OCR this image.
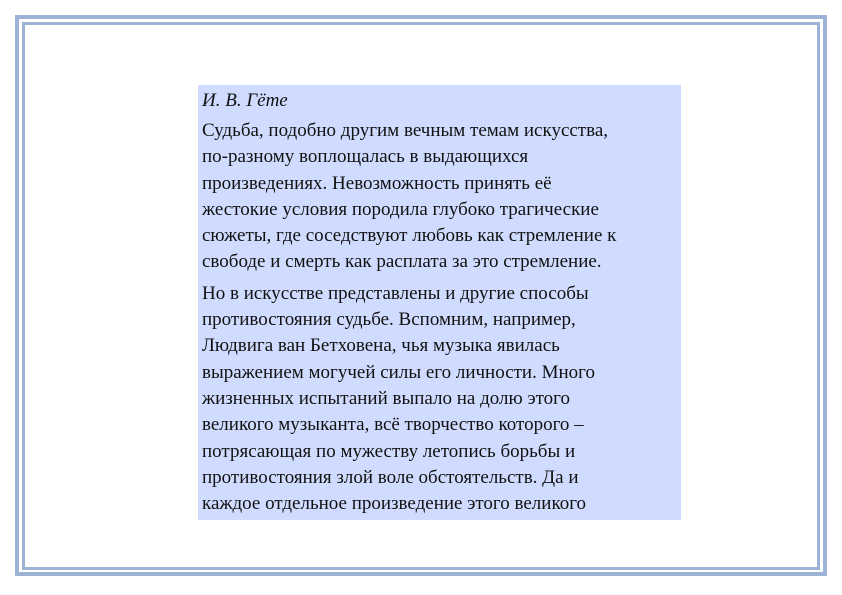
И. В. Гёте
Судьба, подобно другим вечным темам искусства,
по-разному воплощалась в выдающихся
произведениях. Невозможность принять её
жестокие условия породила глубоко трагические
сюжеты, где соседствуют любовь как стремление к
свободе и смерть как расплата за это стремление.
Но в искусстве представлены и другие способы
противостояния судьбе. Вспомним, например,
Людвига ван Бетховена, чья музыка явилась
выражением могучей силы его личности. Много
жизненных испытаний выпало на долю этого
великого музыканта, всё творчество которого –
потрясающая по мужеству летопись борьбы и
противостояния злой воле обстоятельств. Да и
каждое отдельное произведение этого великого
